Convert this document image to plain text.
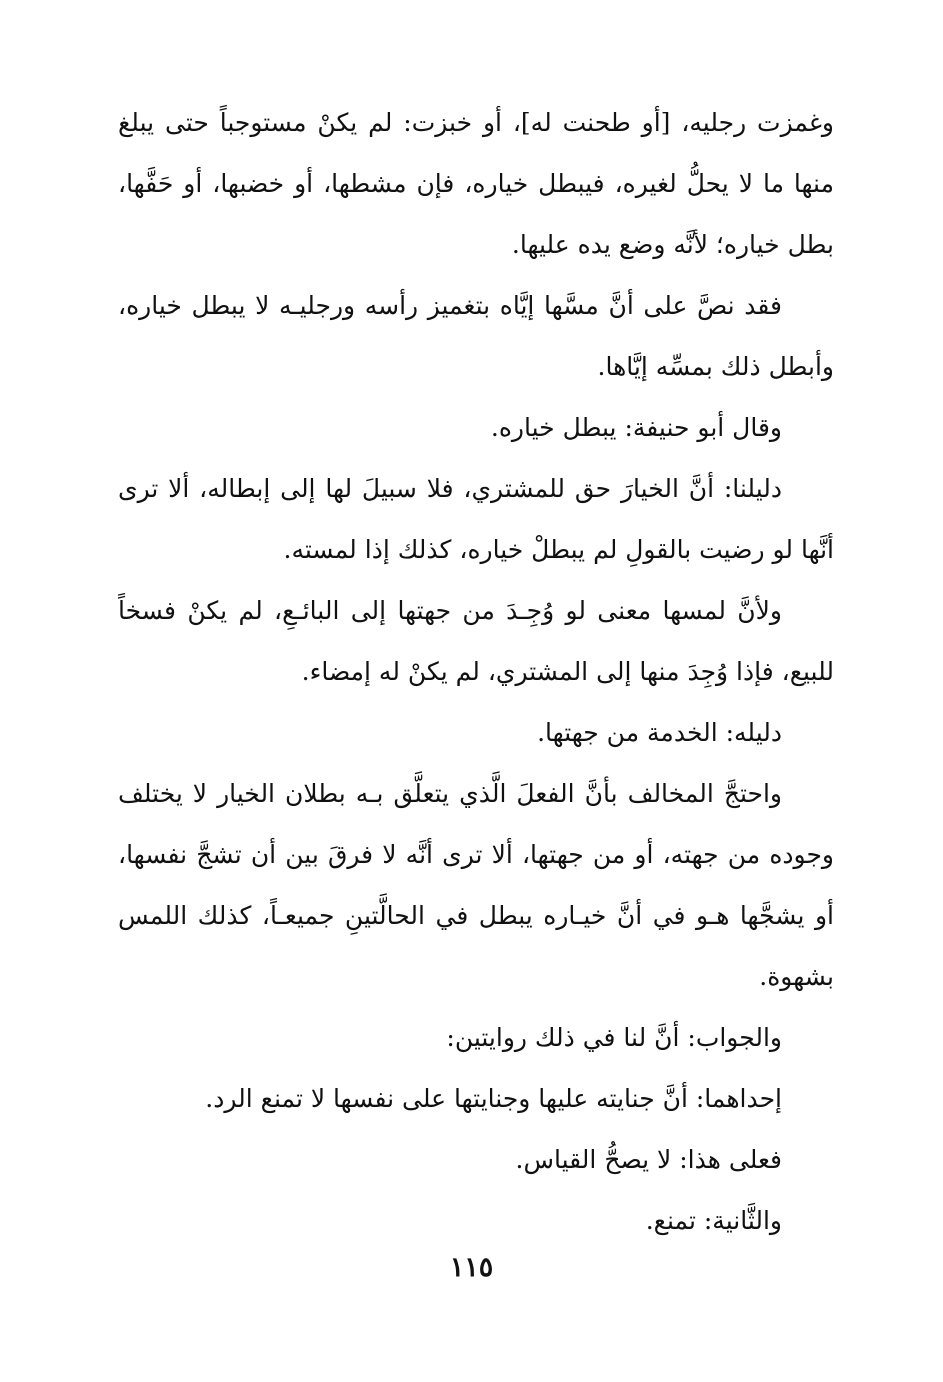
وغمزت رجليه، [أو طحنت له]، أو خبزت: لم يكنْ مستوجباً حتى يبلغ منها ما لا يحلُّ لغيره، فيبطل خياره، فإن مشطها، أو خضبها، أو حَفَّها، بطل خياره؛ لأنَّه وضع يده عليها.

فقد نصَّ على أنَّ مسَّها إيَّاه بتغميز رأسه ورجليـه لا يبطل خياره، وأبطل ذلك بمسِّه إيَّاها.

وقال أبو حنيفة: يبطل خياره.

دليلنا: أنَّ الخيارَ حق للمشتري، فلا سبيلَ لها إلى إبطاله، ألا ترى أنَّها لو رضيت بالقولِ لم يبطلْ خياره، كذلك إذا لمسته.

ولأنَّ لمسها معنى لو وُجِـدَ من جهتها إلى البائـعِ، لم يكنْ فسخاً للبيع، فإذا وُجِدَ منها إلى المشتري، لم يكنْ له إمضاء.

دليله: الخدمة من جهتها.

واحتجَّ المخالف بأنَّ الفعلَ الَّذي يتعلَّق بـه بطلان الخيار لا يختلف وجوده من جهته، أو من جهتها، ألا ترى أنَّه لا فرقَ بين أن تشجَّ نفسها، أو يشجَّها هـو في أنَّ خيـاره يبطل في الحالَّتينِ جميعـاً، كذلك اللمس بشهوة.

والجواب: أنَّ لنا في ذلك روايتين:

إحداهما: أنَّ جنايته عليها وجنايتها على نفسها لا تمنع الرد.

فعلى هذا: لا يصحُّ القياس.

والثَّانية: تمنع.

١١٥
